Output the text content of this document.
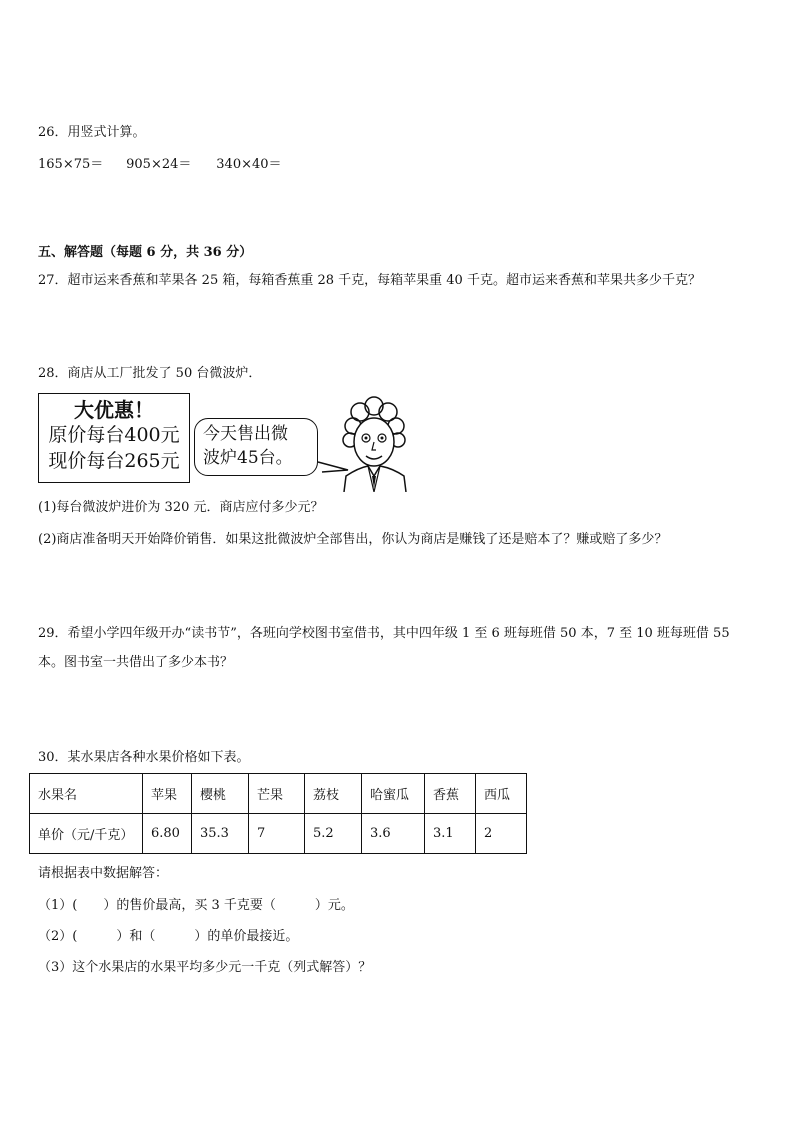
26．用竖式计算。
165×75＝ 905×24＝ 340×40＝
五、解答题（每题 6 分，共 36 分）
27．超市运来香蕉和苹果各 25 箱，每箱香蕉重 28 千克，每箱苹果重 40 千克。超市运来香蕉和苹果共多少千克？
28．商店从工厂批发了 50 台微波炉．
大优惠！
原价每台400元
现价每台265元
今天售出微
波炉45台。
(1)每台微波炉进价为 320 元．商店应付多少元？
(2)商店准备明天开始降价销售．如果这批微波炉全部售出，你认为商店是赚钱了还是赔本了？赚或赔了多少？
29．希望小学四年级开办“读书节”，各班向学校图书室借书，其中四年级 1 至 6 班每班借 50 本，7 至 10 班每班借 55
本。图书室一共借出了多少本书？
30．某水果店各种水果价格如下表。
水果名	苹果	樱桃	芒果	荔枝	哈蜜瓜	香蕉	西瓜
单价（元/千克）	6.80	35.3	7	5.2	3.6	3.1	2
请根据表中数据解答：
（1）(　　）的售价最高，买 3 千克要（　　　）元。
（2）(　　　）和（　　　）的单价最接近。
（3）这个水果店的水果平均多少元一千克（列式解答）？
